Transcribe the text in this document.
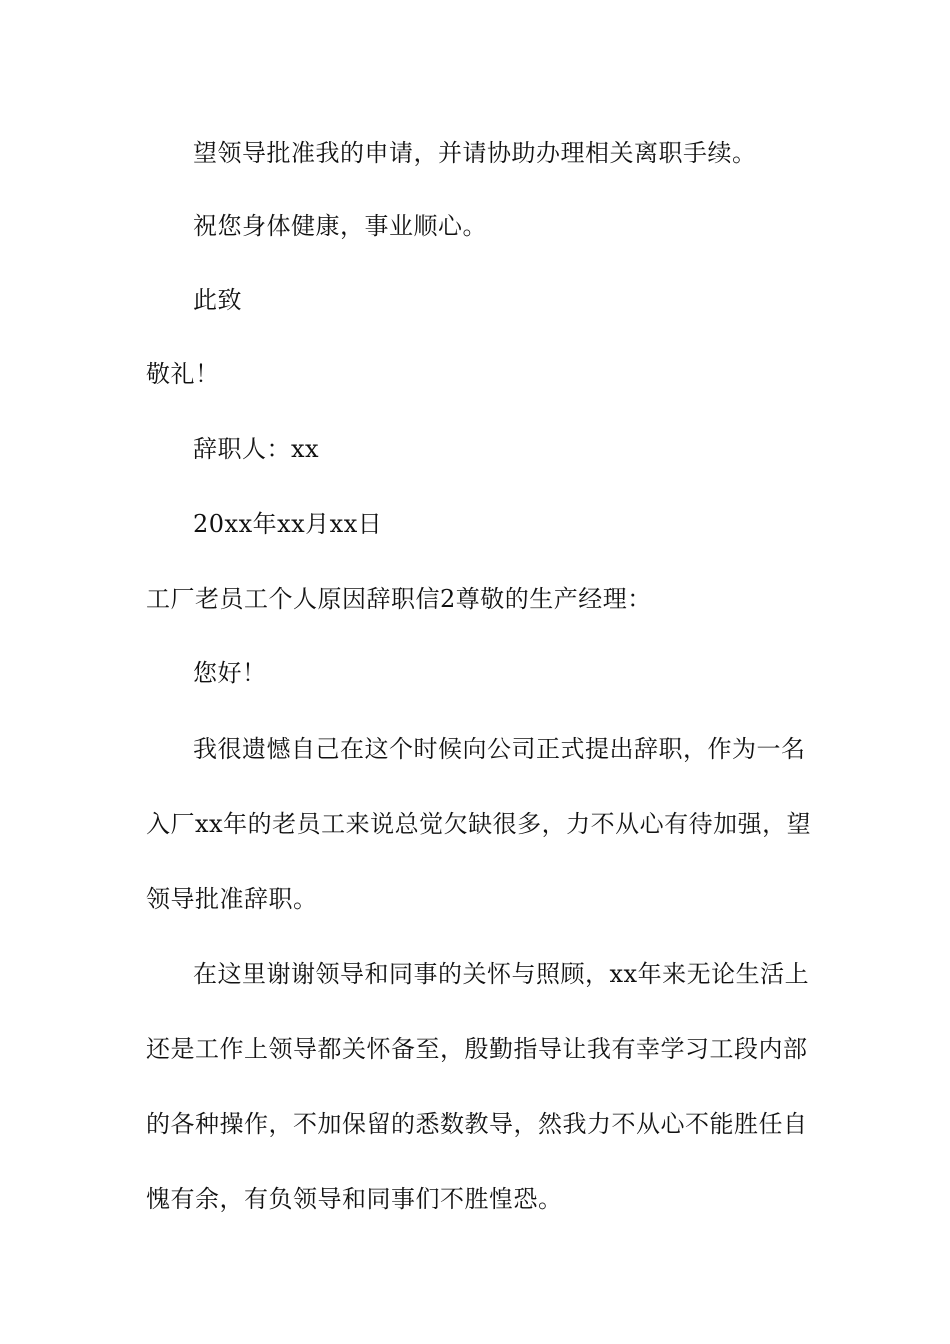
望领导批准我的申请，并请协助办理相关离职手续。
祝您身体健康，事业顺心。
此致
敬礼！
辞职人：xx
20xx年xx月xx日
工厂老员工个人原因辞职信2尊敬的生产经理：
您好！
我很遗憾自己在这个时候向公司正式提出辞职，作为一名
入厂xx年的老员工来说总觉欠缺很多，力不从心有待加强，望
领导批准辞职。
在这里谢谢领导和同事的关怀与照顾，xx年来无论生活上
还是工作上领导都关怀备至，殷勤指导让我有幸学习工段内部
的各种操作，不加保留的悉数教导，然我力不从心不能胜任自
愧有余，有负领导和同事们不胜惶恐。
